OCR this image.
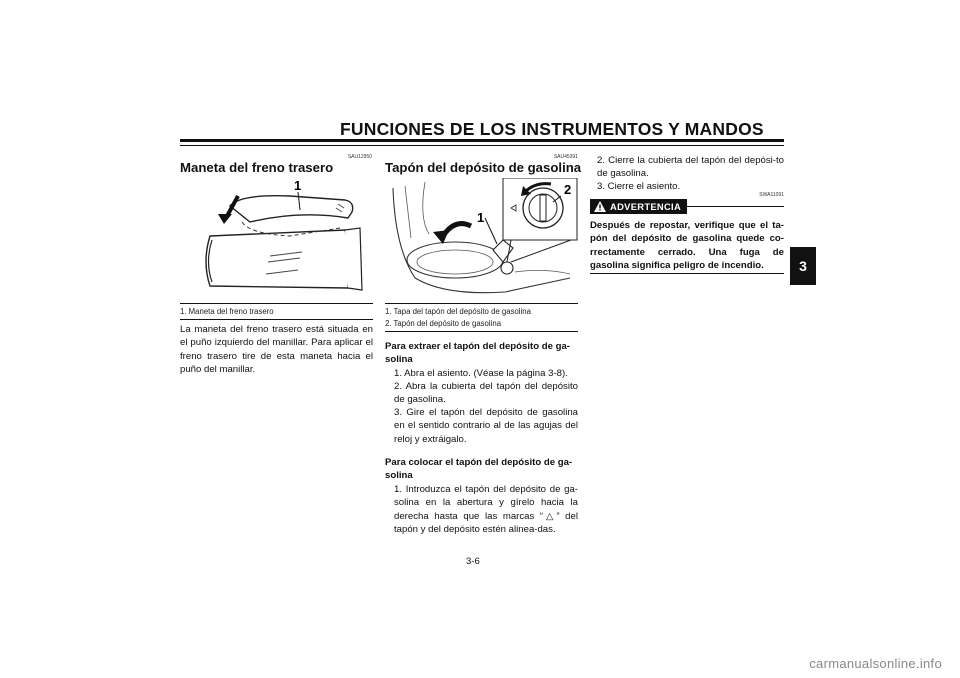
FUNCIONES DE LOS INSTRUMENTOS Y MANDOS
3
SAU12950
Maneta del freno trasero
1
1. Maneta del freno trasero
La maneta del freno trasero está situada en el puño izquierdo del manillar. Para aplicar el freno trasero tire de esta maneta hacia el puño del manillar.
SAU45391
Tapón del depósito de gasolina
1
2
1. Tapa del tapón del depósito de gasolina
2. Tapón del depósito de gasolina
Para extraer el tapón del depósito de ga-solina
1. Abra el asiento. (Véase la página 3-8).
2. Abra la cubierta del tapón del depósito de gasolina.
3. Gire el tapón del depósito de gasolina en el sentido contrario al de las agujas del reloj y extráigalo.
Para colocar el tapón del depósito de ga-solina
1. Introduzca el tapón del depósito de ga-solina en la abertura y gírelo hacia la derecha hasta que las marcas “△” del tapón y del depósito estén alinea-das.
3-6
2. Cierre la cubierta del tapón del depósi-to de gasolina.
3. Cierre el asiento.
SWA11091
ADVERTENCIA
Después de repostar, verifique que el ta-pón del depósito de gasolina quede co-rrectamente cerrado. Una fuga de gasolina significa peligro de incendio.
carmanualsonline.info
